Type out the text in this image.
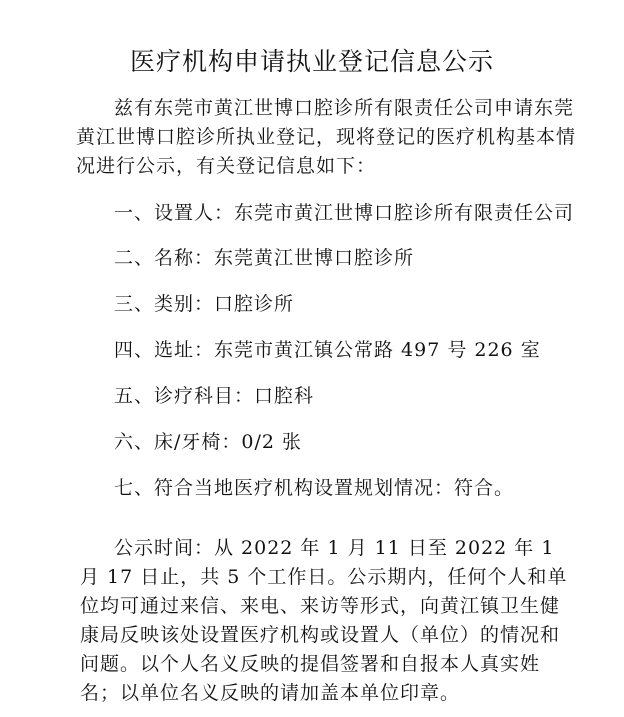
医疗机构申请执业登记信息公示

兹有东莞市黄江世博口腔诊所有限责任公司申请东莞黄江世博口腔诊所执业登记，现将登记的医疗机构基本情况进行公示，有关登记信息如下：

一、设置人：东莞市黄江世博口腔诊所有限责任公司
二、名称：东莞黄江世博口腔诊所
三、类别：口腔诊所
四、选址：东莞市黄江镇公常路 497 号 226 室
五、诊疗科目：口腔科
六、床/牙椅：0/2 张
七、符合当地医疗机构设置规划情况：符合。

公示时间：从 2022 年 1 月 11 日至 2022 年 1 月 17 日止，共 5 个工作日。公示期内，任何个人和单位均可通过来信、来电、来访等形式，向黄江镇卫生健康局反映该处设置医疗机构或设置人（单位）的情况和问题。以个人名义反映的提倡签署和自报本人真实姓名；以单位名义反映的请加盖本单位印章。
